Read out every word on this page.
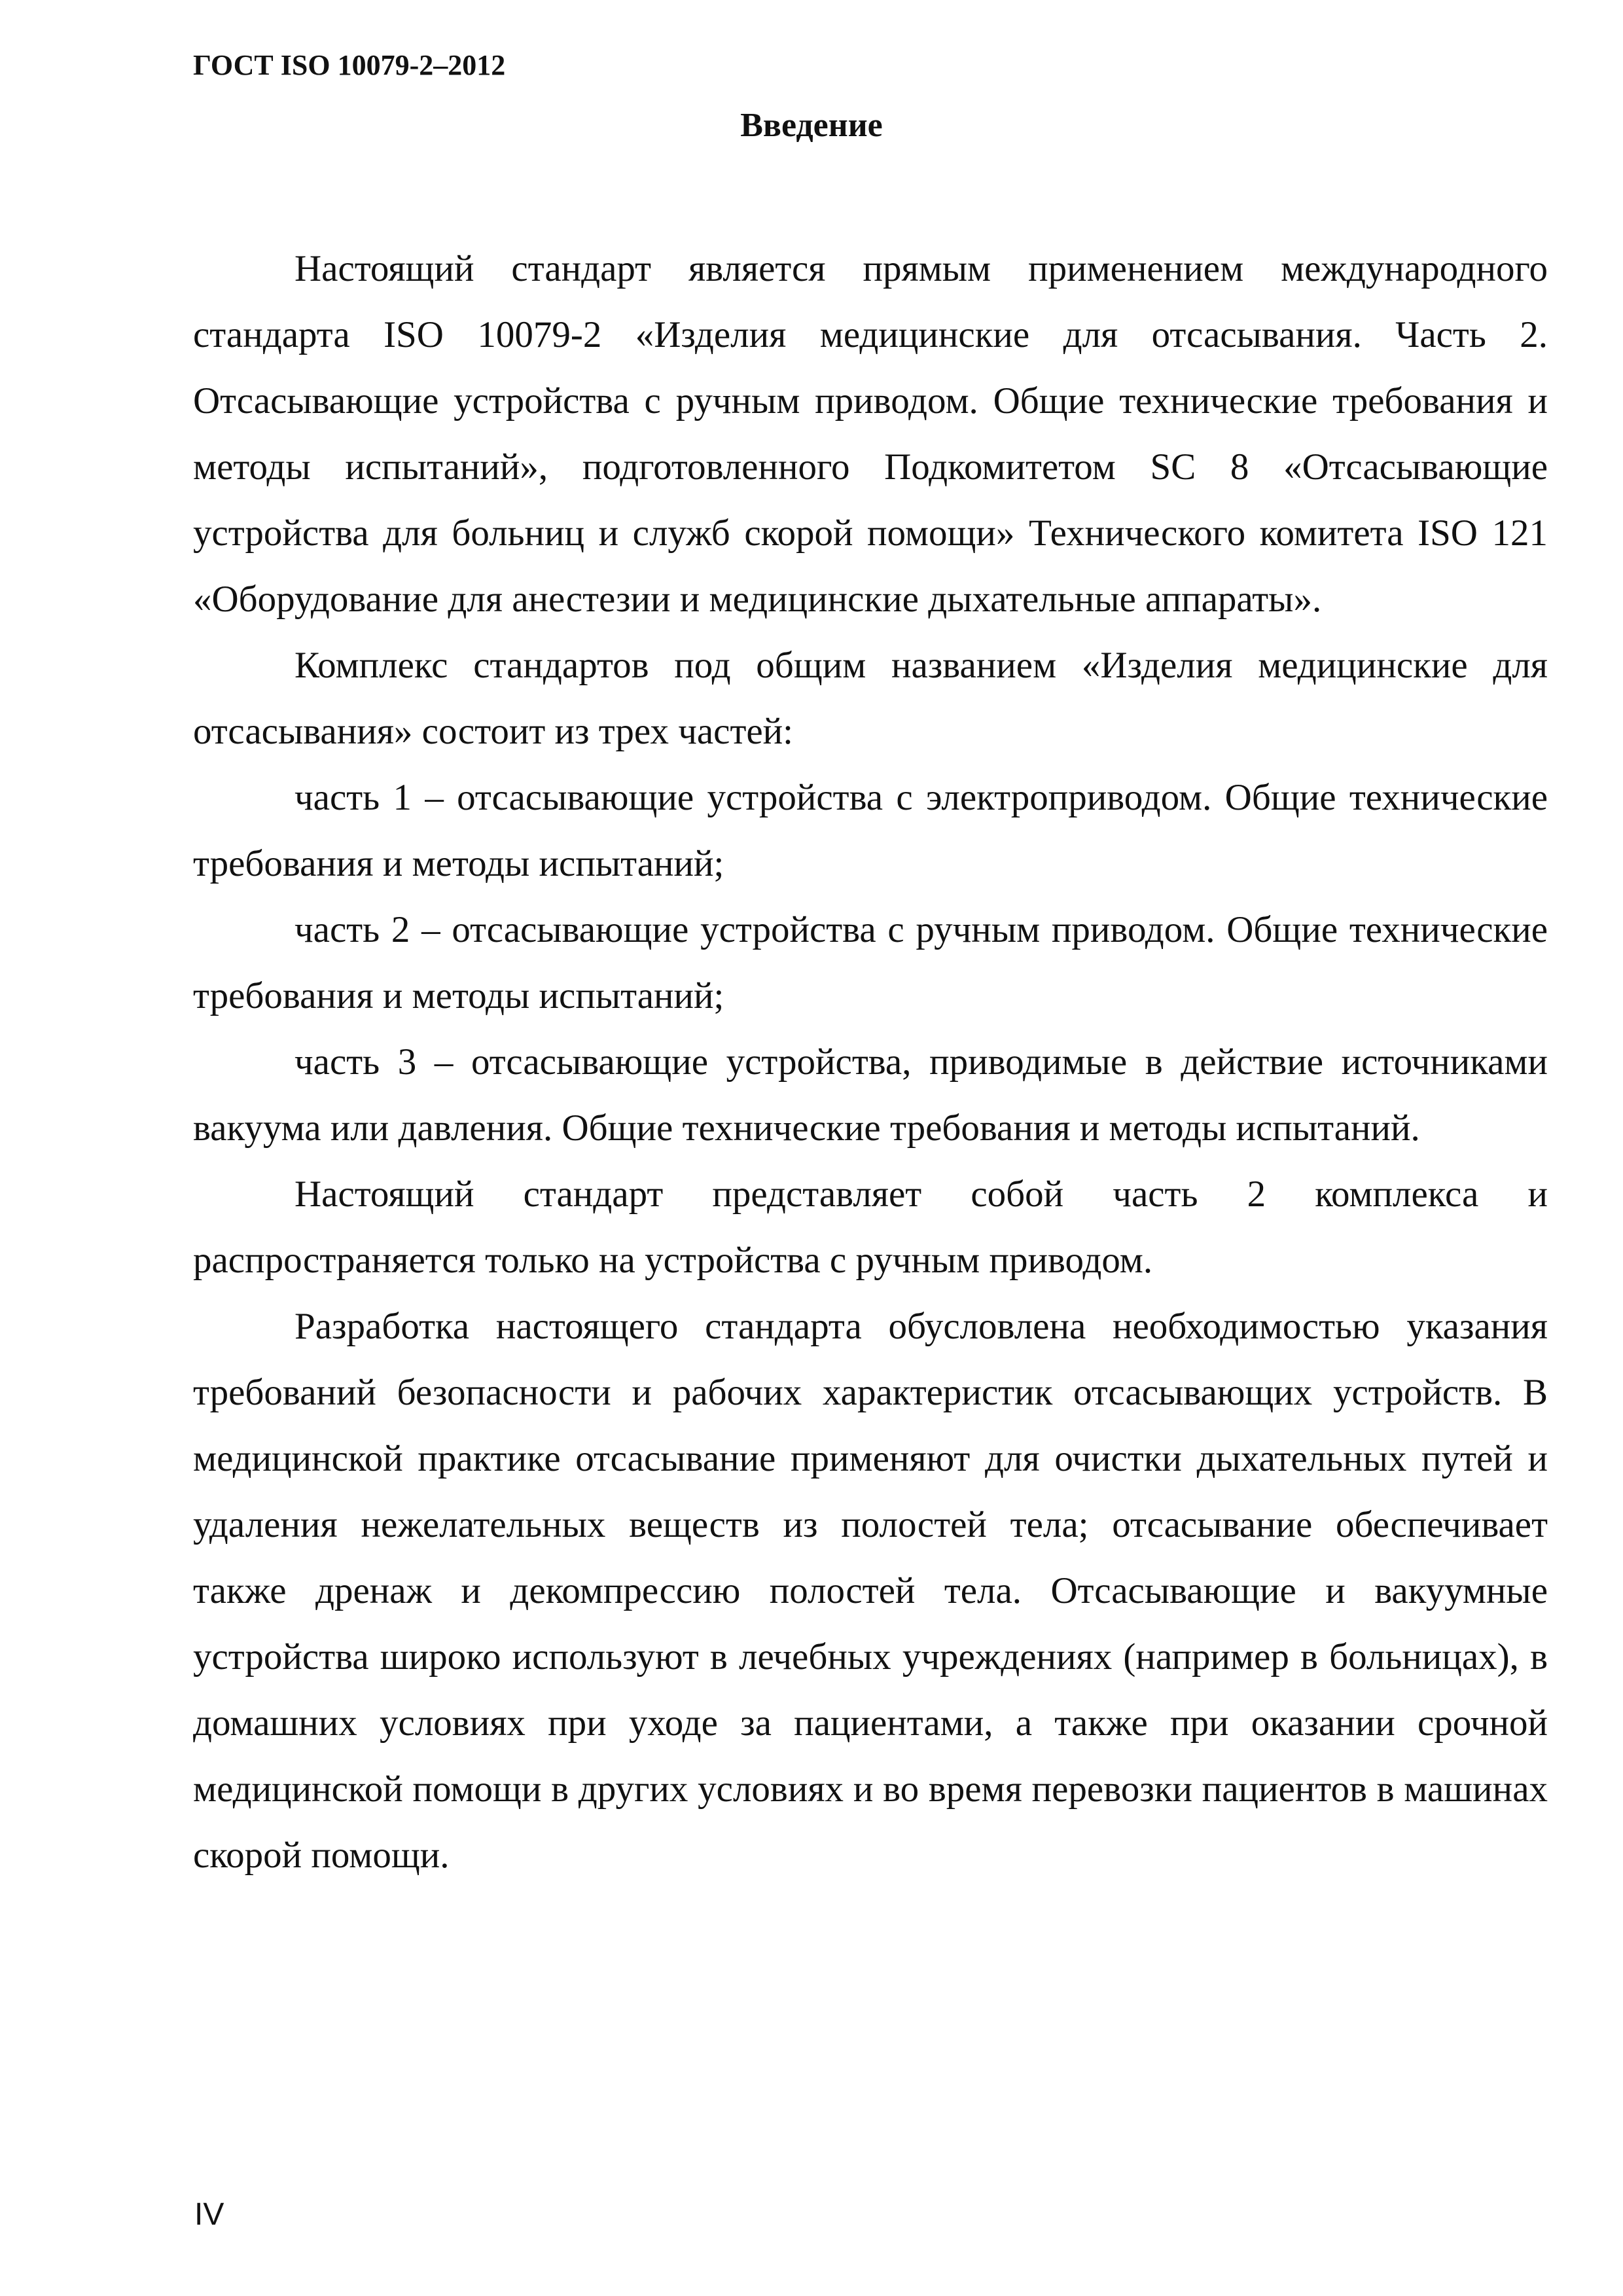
ГОСТ ISO 10079-2–2012
Введение

Настоящий стандарт является прямым применением международного стандарта ISO 10079-2 «Изделия медицинские для отсасывания. Часть 2. Отсасывающие устройства с ручным приводом. Общие технические требования и методы испытаний», подготовленного Подкомитетом SC 8 «Отсасывающие устройства для больниц и служб скорой помощи» Технического комитета ISO 121 «Оборудование для анестезии и медицинские дыхательные аппараты».

Комплекс стандартов под общим названием «Изделия медицинские для отсасывания» состоит из трех частей:

часть 1 – отсасывающие устройства с электроприводом. Общие технические требования и методы испытаний;

часть 2 – отсасывающие устройства с ручным приводом. Общие технические требования и методы испытаний;

часть 3 – отсасывающие устройства, приводимые в действие источниками вакуума или давления. Общие технические требования и методы испытаний.

Настоящий стандарт представляет собой часть 2 комплекса и распространяется только на устройства с ручным приводом.

Разработка настоящего стандарта обусловлена необходимостью указания требований безопасности и рабочих характеристик отсасывающих устройств. В медицинской практике отсасывание применяют для очистки дыхательных путей и удаления нежелательных веществ из полостей тела; отсасывание обеспечивает также дренаж и декомпрессию полостей тела. Отсасывающие и вакуумные устройства широко используют в лечебных учреждениях (например в больницах), в домашних условиях при уходе за пациентами, а также при оказании срочной медицинской помощи в других условиях и во время перевозки пациентов в машинах скорой помощи.

IV
